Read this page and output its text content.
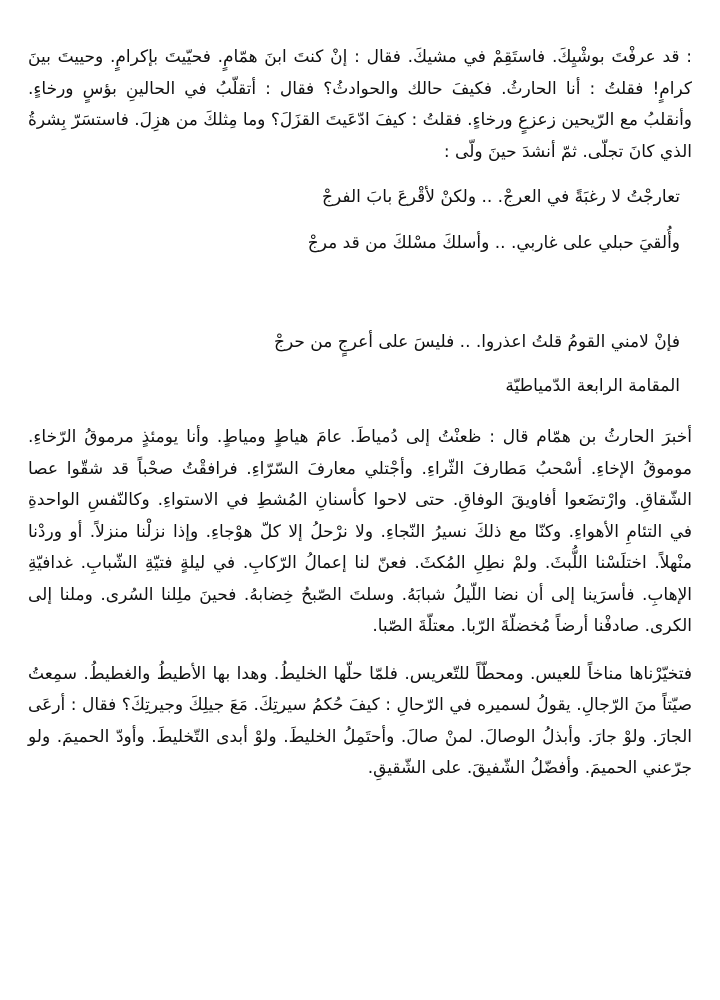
: قد عرفْتَ بوشْيِكَ. فاستَقِمْ في مشيكَ. فقال : إنْ كنتَ ابنَ همّامٍ. فحيّيتَ بإكرامٍ. وحييتَ بينَ كرامٍ! فقلتُ : أنا الحارثُ. فكيفَ حالك والحوادثُ؟ فقال : أتقلّبُ في الحالينِ بؤسٍ ورخاءٍ. وأنقلبُ مع الرّيحين زعزعٍ ورخاءٍ. فقلتُ : كيفَ ادّعَيتَ القزَلَ؟ وما مِثلكَ من هزِلَ. فاستسَرّ بِشرةُ الذي كانَ تجلّى. ثمّ أنشدَ حينَ ولّى :

تعارجْتُ لا رغبَةً في العرجْ. .. ولكنْ لأقْرعَ بابَ الفرجْ

وأُلقيَ حبلي على غاربي. .. وأسلكَ مسْلكَ من قد مرجْ

فإنْ لامني القومُ قلتُ اعذروا. .. فليسَ على أعرجٍ من حرجْ

المقامة الرابعة الدّمياطيّة

أخبرَ الحارثُ بن همّام قال : ظعنْتُ إلى دُمياطَ. عامَ هياطٍ ومياطٍ. وأنا يومئذٍ مرموقُ الرّخاءِ. موموقُ الإخاءِ. أسْحبُ مَطارفَ الثّراءِ. وأجْتلي معارفَ السّرّاءِ. فرافقْتُ صحْباً قد شقّوا عصا الشّقاقِ. وارْتضَعوا أفاويقَ الوفاقِ. حتى لاحوا كأسنانِ المُشطِ في الاستواءِ. وكالنّفسِ الواحدةِ في التئامِ الأهواءِ. وكنّا مع ذلكَ نسيرُ النّجاءِ. ولا نرْحلُ إلا كلّ هوْجاءِ. وإذا نزلْنا منزلاً. أو وردْنا منْهلاً. اختلَسْنا اللُّبثَ. ولمْ نطِلِ المُكثَ. فعنّ لنا إعمالُ الرّكابِ. في ليلةٍ فتيّةِ الشّبابِ. غدافيّةِ الإهابِ. فأسرَينا إلى أن نضا اللّيلُ شبابَهُ. وسلتَ الصّبحُ خِضابهُ. فحينَ ملِلنا السُرى. وملنا إلى الكرى. صادفْنا أرضاً مُخضلّةَ الرّبا. معتلّةَ الصّبا.

فتخيّرْناها مناخاً للعيس. ومحطّاً للتّعريس. فلمّا حلّها الخليطُ. وهدا بها الأطيطُ والغطيطُ. سمِعتُ صيّتاً منَ الرّجالِ. يقولُ لسميره في الرّحالِ : كيفَ حُكمُ سيرتِكَ. مَعَ جيلِكَ وجيرتِكَ؟ فقال : أرعَى الجارَ. ولوْ جارَ. وأبذلُ الوصالَ. لمنْ صالَ. وأحتَمِلُ الخليطَ. ولوْ أبدى التّخليطَ. وأودّ الحميمَ. ولو جرّعني الحميمَ. وأفضّلُ الشّفيقَ. على الشّقيقِ.
